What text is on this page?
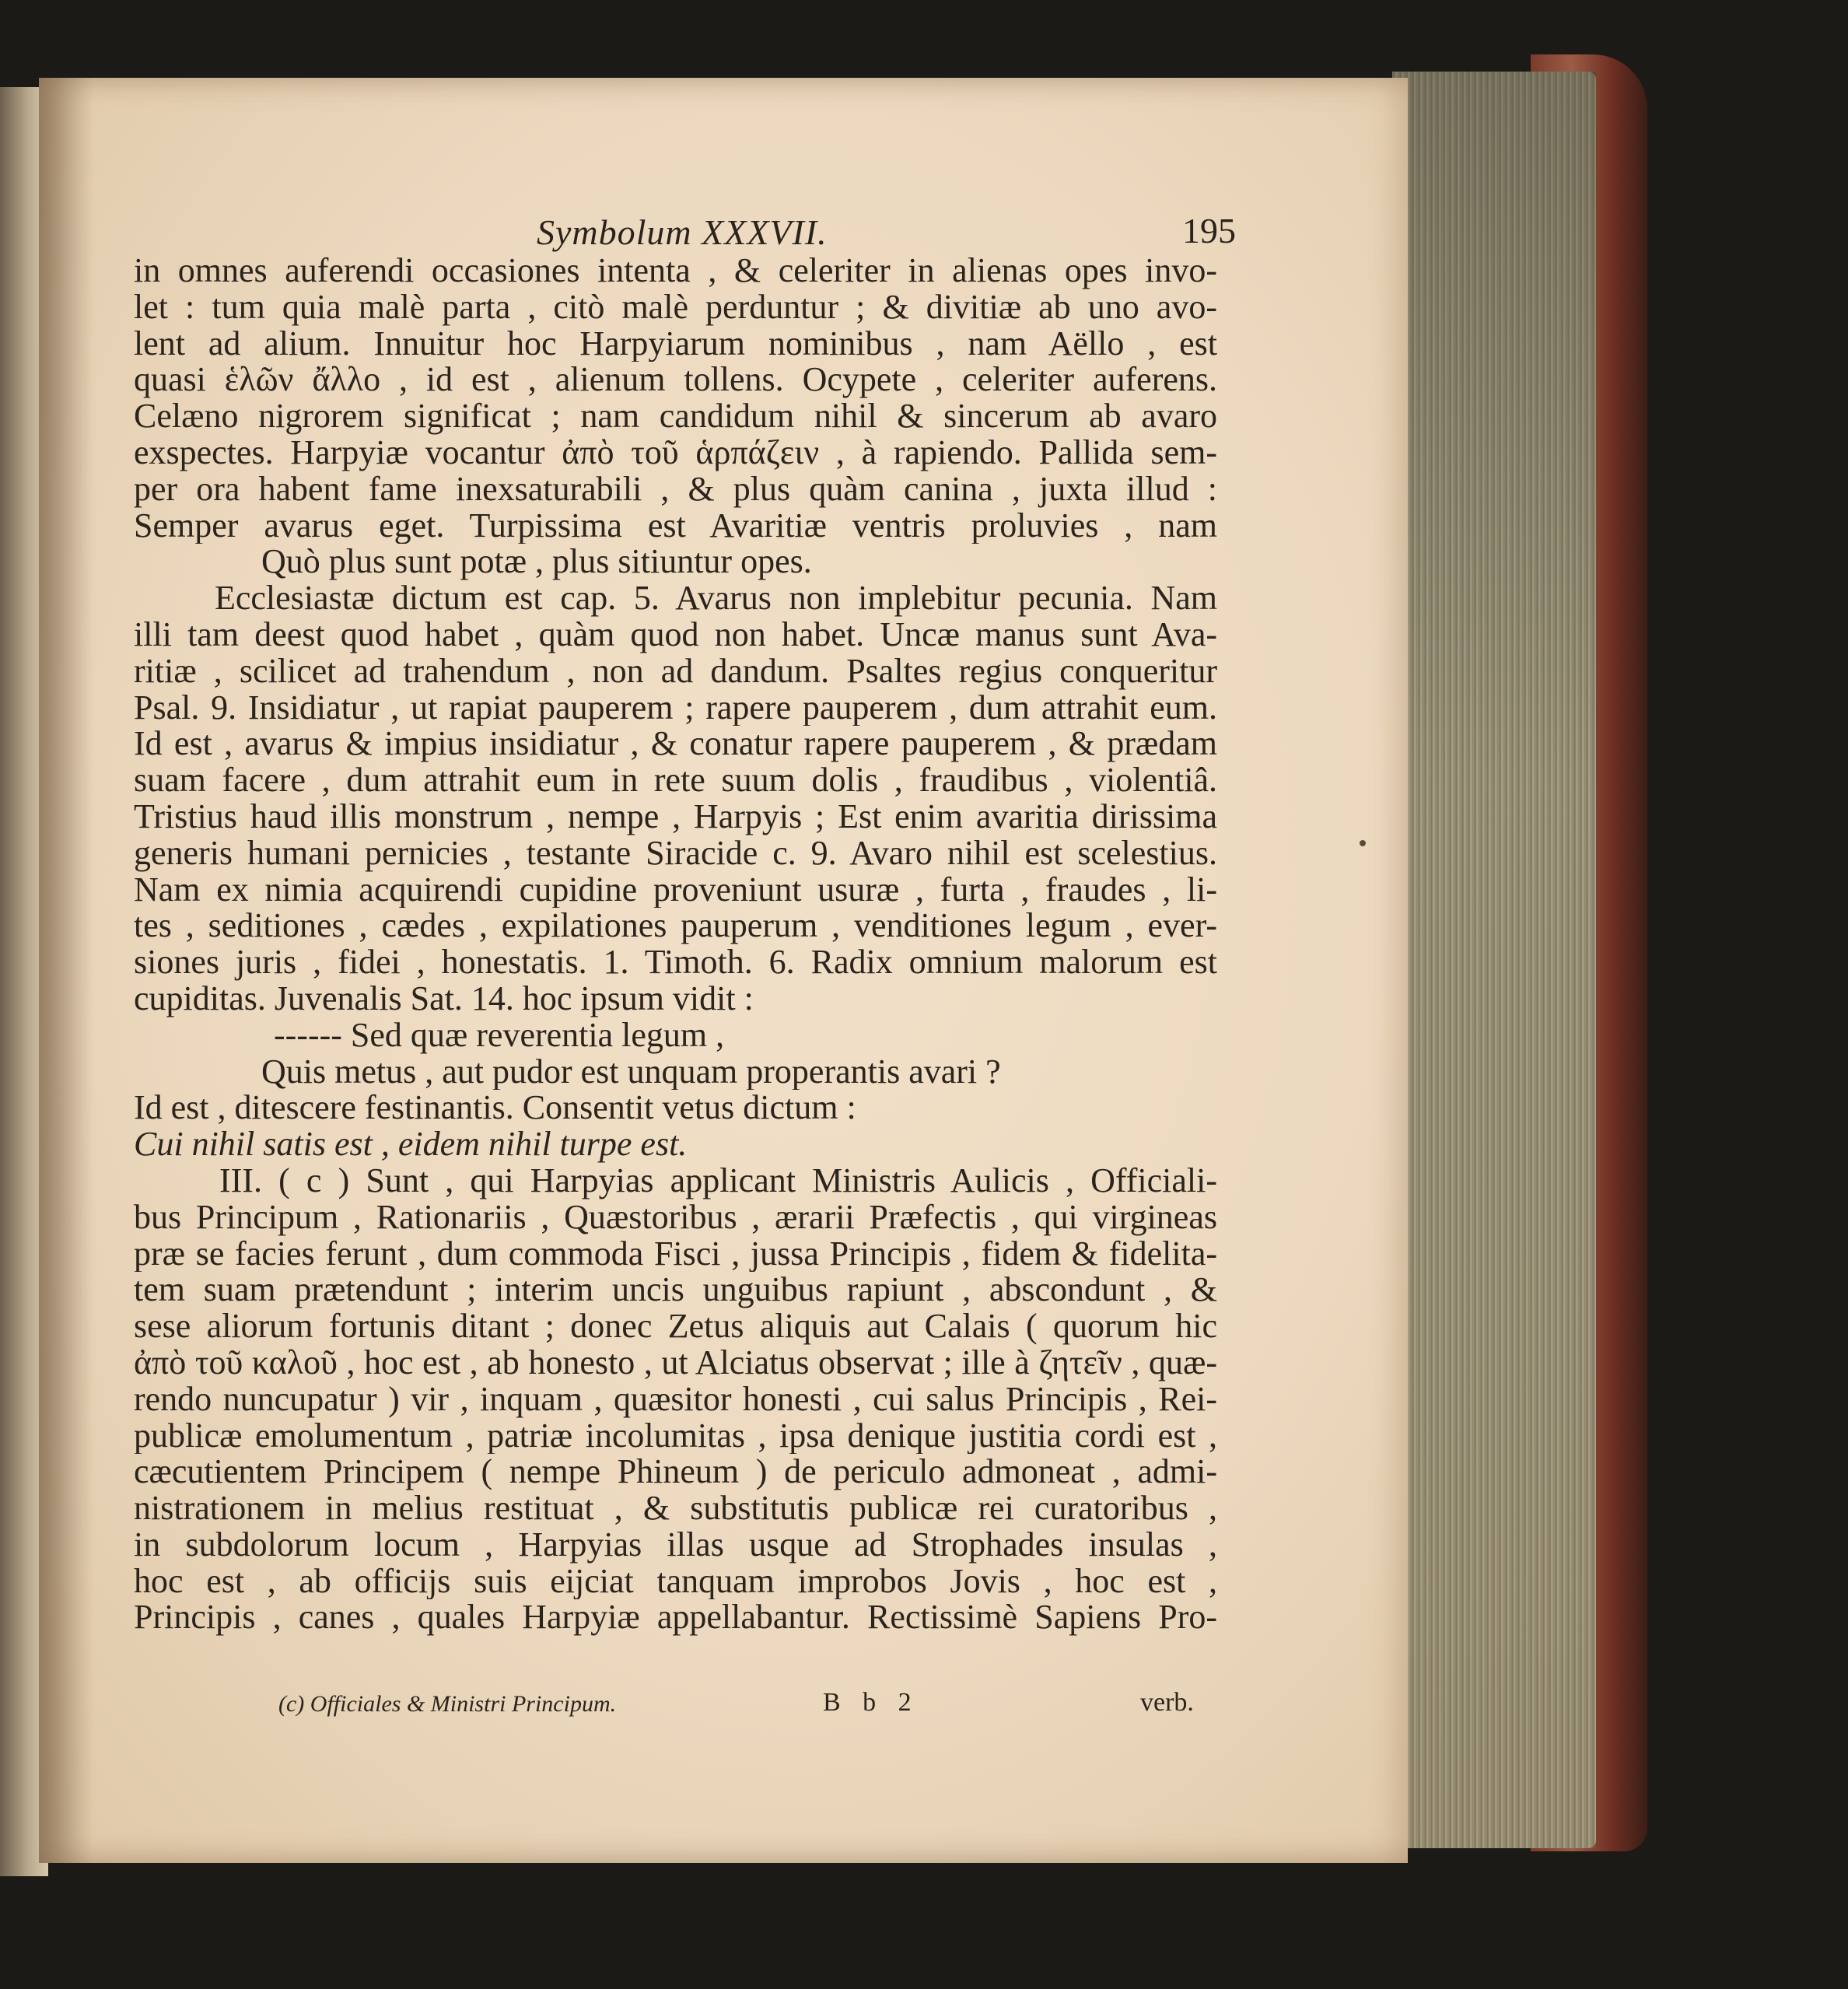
Symbolum XXXVII.	195
in omnes auferendi occasiones intenta , & celeriter in alienas opes invo-
let : tum quia malè parta , citò malè perduntur ; & divitiæ ab uno avo-
lent ad alium. Innuitur hoc Harpyiarum nominibus , nam Aëllo , est
quasi ἑλῶν ἄλλο , id est , alienum tollens. Ocypete , celeriter auferens.
Celæno nigrorem significat ; nam candidum nihil & sincerum ab avaro
exspectes. Harpyiæ vocantur ἀπὸ τοῦ ἁρπάζειν , à rapiendo. Pallida sem-
per ora habent fame inexsaturabili , & plus quàm canina , juxta illud :
Semper avarus eget. Turpissima est Avaritiæ ventris proluvies , nam
Quò plus sunt potæ , plus sitiuntur opes.
Ecclesiastæ dictum est cap. 5. Avarus non implebitur pecunia. Nam
illi tam deest quod habet , quàm quod non habet. Uncæ manus sunt Ava-
ritiæ , scilicet ad trahendum , non ad dandum. Psaltes regius conqueritur
Psal. 9. Insidiatur , ut rapiat pauperem ; rapere pauperem , dum attrahit eum.
Id est , avarus & impius insidiatur , & conatur rapere pauperem , & prædam
suam facere , dum attrahit eum in rete suum dolis , fraudibus , violentiâ.
Tristius haud illis monstrum , nempe , Harpyis ; Est enim avaritia dirissima
generis humani pernicies , testante Siracide c. 9. Avaro nihil est scelestius.
Nam ex nimia acquirendi cupidine proveniunt usuræ , furta , fraudes , li-
tes , seditiones , cædes , expilationes pauperum , venditiones legum , ever-
siones juris , fidei , honestatis. 1. Timoth. 6. Radix omnium malorum est
cupiditas. Juvenalis Sat. 14. hoc ipsum vidit :
------ Sed quæ reverentia legum ,
Quis metus , aut pudor est unquam properantis avari ?
Id est , ditescere festinantis. Consentit vetus dictum :
Cui nihil satis est , eidem nihil turpe est.
III. ( c ) Sunt , qui Harpyias applicant Ministris Aulicis , Officiali-
bus Principum , Rationariis , Quæstoribus , ærarii Præfectis , qui virgineas
præ se facies ferunt , dum commoda Fisci , jussa Principis , fidem & fidelita-
tem suam prætendunt ; interim uncis unguibus rapiunt , abscondunt , &
sese aliorum fortunis ditant ; donec Zetus aliquis aut Calais ( quorum hic
ἀπὸ τοῦ καλοῦ , hoc est , ab honesto , ut Alciatus observat ; ille à ζητεῖν , quæ-
rendo nuncupatur ) vir , inquam , quæsitor honesti , cui salus Principis , Rei-
publicæ emolumentum , patriæ incolumitas , ipsa denique justitia cordi est ,
cæcutientem Principem ( nempe Phineum ) de periculo admoneat , admi-
nistrationem in melius restituat , & substitutis publicæ rei curatoribus ,
in subdolorum locum , Harpyias illas usque ad Strophades insulas ,
hoc est , ab officijs suis eijciat tanquam improbos Jovis , hoc est ,
Principis , canes , quales Harpyiæ appellabantur. Rectissimè Sapiens Pro-
(c) Officiales & Ministri Principum.	B b 2	verb.
